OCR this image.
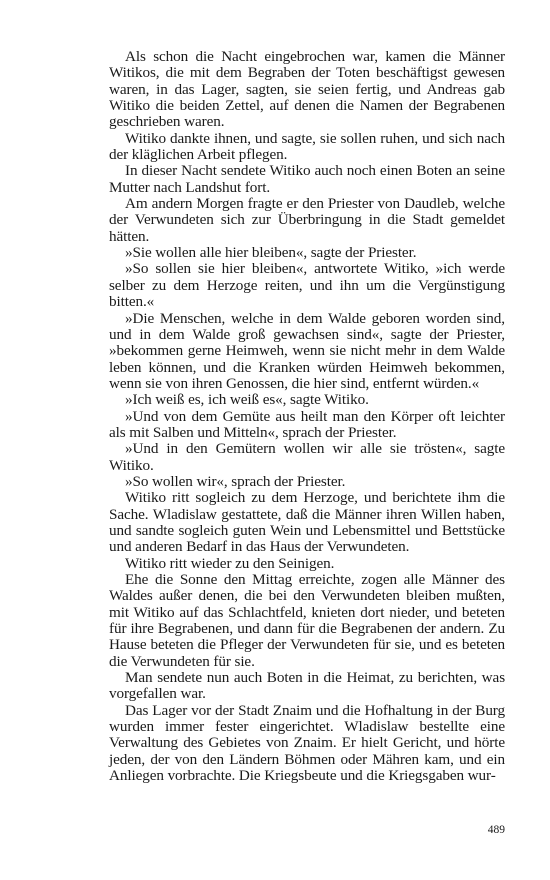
Als schon die Nacht eingebrochen war, kamen die Männer Witikos, die mit dem Begraben der Toten beschäftigst gewesen waren, in das Lager, sagten, sie seien fertig, und Andreas gab Witiko die beiden Zettel, auf denen die Namen der Begrabenen geschrieben waren.

Witiko dankte ihnen, und sagte, sie sollen ruhen, und sich nach der kläglichen Arbeit pflegen.

In dieser Nacht sendete Witiko auch noch einen Boten an seine Mutter nach Landshut fort.

Am andern Morgen fragte er den Priester von Daudleb, welche der Verwundeten sich zur Überbringung in die Stadt gemeldet hätten.

»Sie wollen alle hier bleiben«, sagte der Priester.

»So sollen sie hier bleiben«, antwortete Witiko, »ich werde selber zu dem Herzoge reiten, und ihn um die Vergünstigung bitten.«

»Die Menschen, welche in dem Walde geboren worden sind, und in dem Walde groß gewachsen sind«, sagte der Priester, »bekommen gerne Heimweh, wenn sie nicht mehr in dem Walde leben können, und die Kranken würden Heimweh bekommen, wenn sie von ihren Genossen, die hier sind, entfernt würden.«

»Ich weiß es, ich weiß es«, sagte Witiko.

»Und von dem Gemüte aus heilt man den Körper oft leichter als mit Salben und Mitteln«, sprach der Priester.

»Und in den Gemütern wollen wir alle sie trösten«, sagte Witiko.

»So wollen wir«, sprach der Priester.

Witiko ritt sogleich zu dem Herzoge, und berichtete ihm die Sache. Wladislaw gestattete, daß die Männer ihren Willen haben, und sandte sogleich guten Wein und Lebensmittel und Bettstücke und anderen Bedarf in das Haus der Verwundeten.

Witiko ritt wieder zu den Seinigen.

Ehe die Sonne den Mittag erreichte, zogen alle Männer des Waldes außer denen, die bei den Verwundeten bleiben mußten, mit Witiko auf das Schlachtfeld, knieten dort nieder, und beteten für ihre Begrabenen, und dann für die Begrabenen der andern. Zu Hause beteten die Pfleger der Verwundeten für sie, und es beteten die Verwundeten für sie.

Man sendete nun auch Boten in die Heimat, zu berichten, was vorgefallen war.

Das Lager vor der Stadt Znaim und die Hofhaltung in der Burg wurden immer fester eingerichtet. Wladislaw bestellte eine Verwaltung des Gebietes von Znaim. Er hielt Gericht, und hörte jeden, der von den Ländern Böhmen oder Mähren kam, und ein Anliegen vorbrachte. Die Kriegsbeute und die Kriegsgaben wur-

489
